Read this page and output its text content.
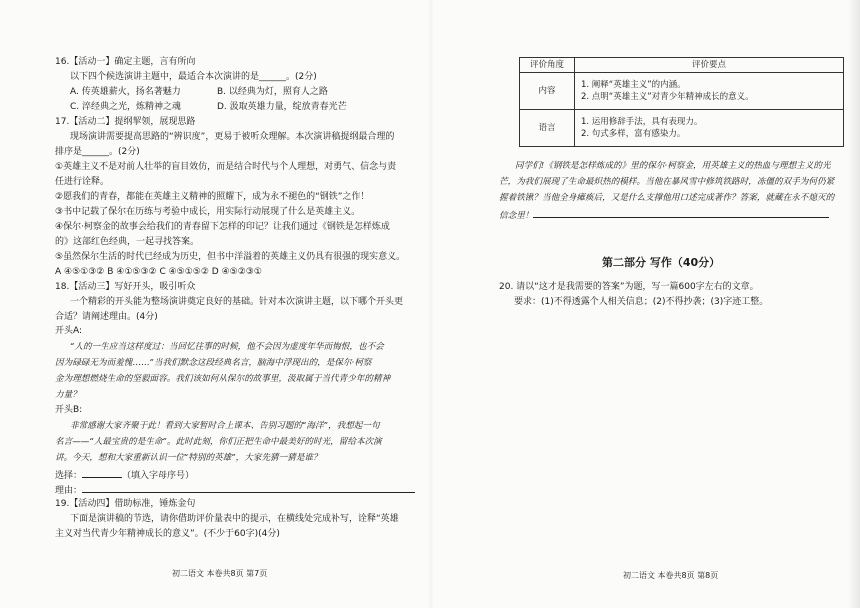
16.【活动一】确定主题，言有所向
以下四个候选演讲主题中，最适合本次演讲的是______。(2分)
A. 传英雄薪火，扬名著魅力	B. 以经典为灯，照育人之路
C. 淬经典之光，炼精神之魂	D. 汲取英雄力量，绽放青春光芒
17.【活动二】提纲挈领，展现思路
现场演讲需要提高思路的“辨识度”，更易于被听众理解。本次演讲稿提纲最合理的
排序是______。(2分)
①英雄主义不是对前人壮举的盲目效仿，而是结合时代与个人理想，对勇气、信念与责
任进行诠释。
②愿我们的青春，都能在英雄主义精神的照耀下，成为永不褪色的“钢铁”之作！
③书中记载了保尔在历练与考验中成长，用实际行动展现了什么是英雄主义。
④保尔·柯察金的故事会给我们的青春留下怎样的印记？让我们通过《钢铁是怎样炼成
的》这部红色经典，一起寻找答案。
⑤虽然保尔生活的时代已经成为历史，但书中洋溢着的英雄主义仍具有很强的现实意义。
A ④⑤①③② B ④①⑤③② C ④⑤①⑤② D ④⑤②③①
18.【活动三】写好开头，吸引听众
一个精彩的开头能为整场演讲奠定良好的基础。针对本次演讲主题，以下哪个开头更
合适？请阐述理由。(4分)
开头A:
“人的一生应当这样度过：当回忆往事的时候，他不会因为虚度年华而悔恨，也不会
因为碌碌无为而羞愧……”当我们默念这段经典名言，脑海中浮现出的，是保尔·柯察
金为理想燃烧生命的坚毅面容。我们该如何从保尔的故事里，汲取属于当代青少年的精神
力量？
开头B:
非常感谢大家齐聚于此！看到大家暂时合上课本、告别习题的“海洋”，我想起一句
名言——“人最宝贵的是生命”。此时此刻，你们正把生命中最美好的时光，留给本次演
讲。今天，想和大家重新认识一位“特别的英雄”，大家先猜一猜是谁？
选择：	（填入字母序号）
理由：
19.【活动四】借助标准，锤炼金句
下面是演讲稿的节选，请你借助评价量表中的提示，在横线处完成补写，诠释“英雄
主义对当代青少年精神成长的意义”。(不少于60字)(4分)
初二语文 本卷共8页 第7页
评价角度	评价要点
内容	1. 阐释“英雄主义”的内涵。
2. 点明“英雄主义”对青少年精神成长的意义。

语言	1. 运用修辞手法，具有表现力。
2. 句式多样，富有感染力。
同学们!《钢铁是怎样炼成的》里的保尔·柯察金，用英雄主义的热血与理想主义的光
芒，为我们展现了生命最炽热的模样。当他在暴风雪中修筑铁路时，冻僵的双手为何仍紧
握着铁锹？当他全身瘫痪后，又是什么支撑他用口述完成著作？答案，就藏在永不熄灭的
信念里！
第二部分 写作（40分）
20. 请以“这才是我需要的答案”为题，写一篇600字左右的文章。
要求：(1)不得透露个人相关信息；(2)不得抄袭；(3)字迹工整。
初二语文 本卷共8页 第8页
